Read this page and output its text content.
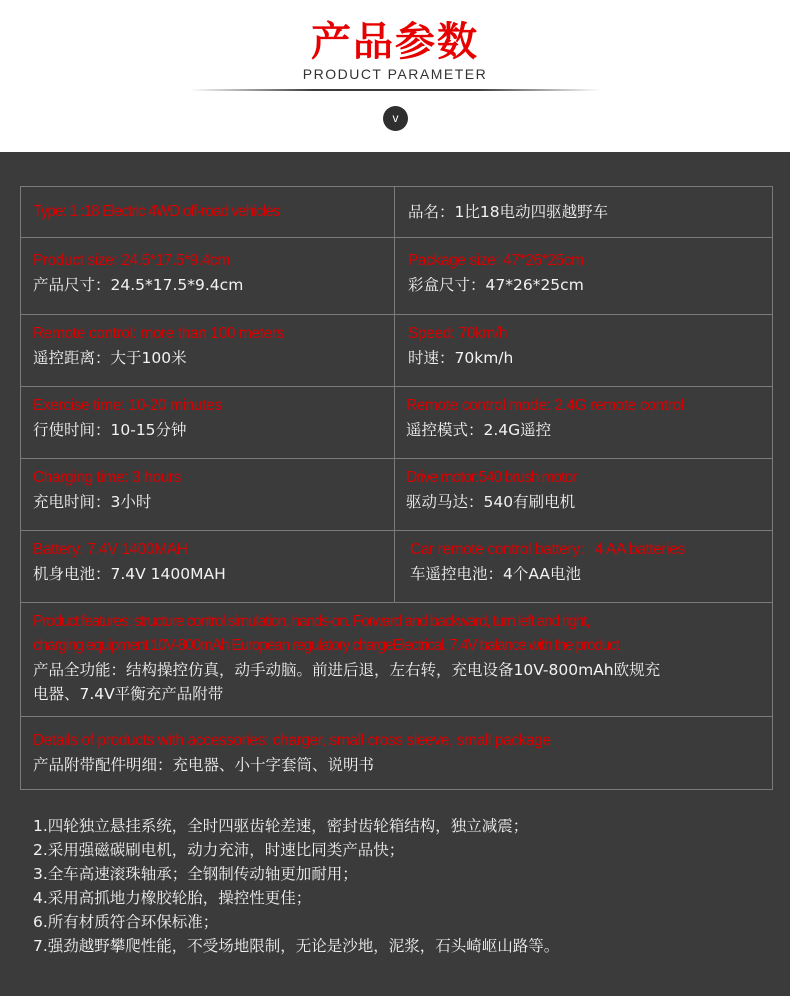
产品参数
PRODUCT PARAMETER
v
Type: 1 :18 Electric 4WD off-road vehicles	品名：1比18电动四驱越野车
Product size: 24.5*17.5*9.4cm
产品尺寸：24.5*17.5*9.4cm
Package size: 47*26*25cm
彩盒尺寸：47*26*25cm
Remote control: more than 100 meters
遥控距离：大于100米
Speed: 70km/h
时速：70km/h
Exercise time: 10-20 minutes
行使时间：10-15分钟
Remote control mode: 2.4G remote control
遥控模式：2.4G遥控
Charging time: 3 hours
充电时间：3小时
Drive motor:540 brush motor
驱动马达：540有刷电机
Battery: 7.4V 1400MAH
机身电池：7.4V 1400MAH
Car remote control battery：4 AA batteries
车遥控电池：4个AA电池
Product features: structure control simulation, hands-on. Forward and backward, turn left and right,
charging equipment 10V-800mAh European regulatory chargeElectrical, 7.4V balance with the product
产品全功能：结构操控仿真，动手动脑。前进后退，左右转，充电设备10V-800mAh欧规充
电器、7.4V平衡充产品附带
Details of products with accessories: charger, small cross sleeve, small package
产品附带配件明细：充电器、小十字套筒、说明书
1.四轮独立悬挂系统，全时四驱齿轮差速，密封齿轮箱结构，独立减震；
2.采用强磁碳刷电机，动力充沛，时速比同类产品快；
3.全车高速滚珠轴承；全钢制传动轴更加耐用；
4.采用高抓地力橡胶轮胎，操控性更佳；
6.所有材质符合环保标准；
7.强劲越野攀爬性能，不受场地限制，无论是沙地，泥浆，石头崎岖山路等。
